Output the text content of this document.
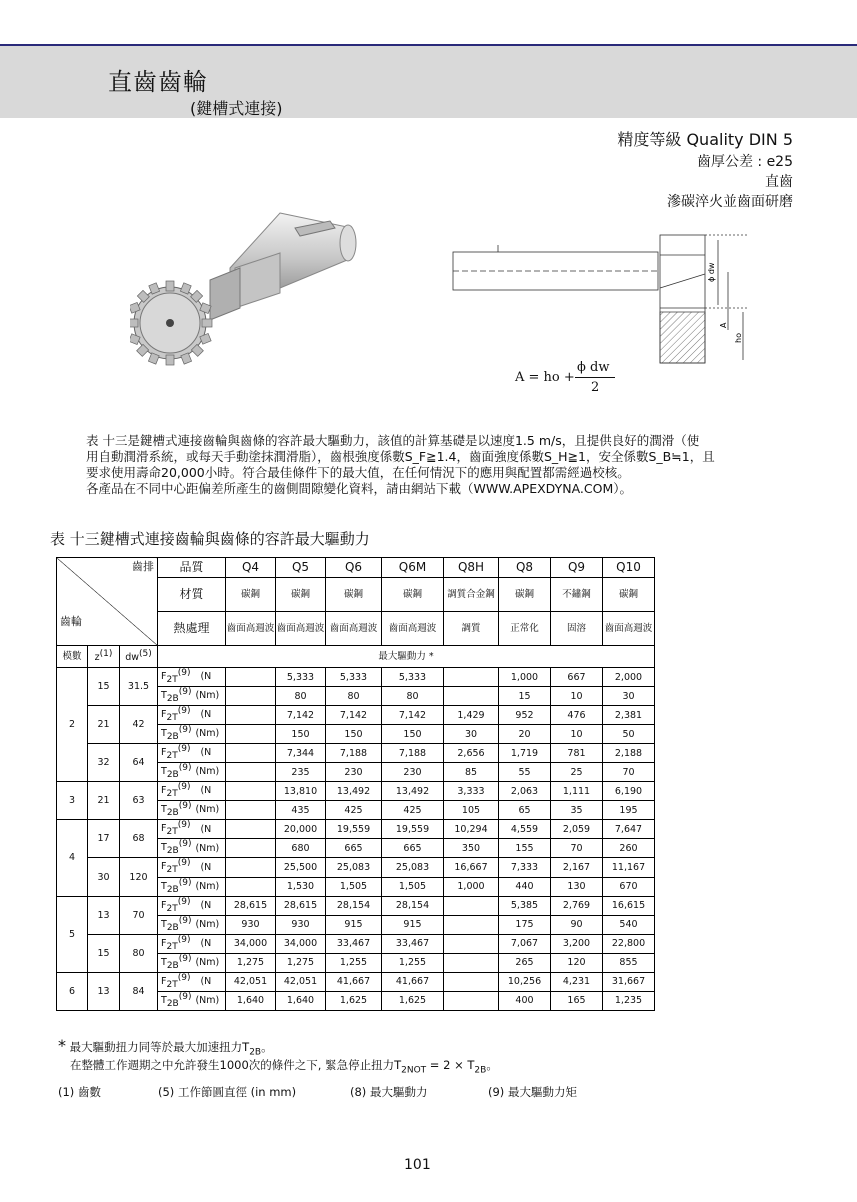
直齒齒輪
(鍵槽式連接)
精度等級 Quality DIN 5
齒厚公差 : e25
直齒
滲碳淬火並齒面研磨
ϕ dw
A
ho
A = ho +
ϕ dw
2
表 十三是鍵槽式連接齒輪與齒條的容許最大驅動力，該值的計算基礎是以速度1.5 m/s，且提供良好的潤滑（使
用自動潤滑系統，或每天手動塗抹潤滑脂），齒根強度係數S_F≧1.4，齒面強度係數S_H≧1，安全係數S_B≒1，且
要求使用壽命20,000小時。符合最佳條件下的最大值，在任何情況下的應用與配置都需經過校核。
各產品在不同中心距偏差所產生的齒側間隙變化資料，請由網站下載（WWW.APEXDYNA.COM）。
表 十三鍵槽式連接齒輪與齒條的容許最大驅動力
齒排
齒輪			品質	Q4	Q5	Q6	Q6M	Q8H	Q8	Q9	Q10
			材質	碳鋼	碳鋼	碳鋼	碳鋼	調質合金鋼	碳鋼	不鏽鋼	碳鋼
			熱處理	齒面高週波	齒面高週波	齒面高週波	齒面高週波	調質	正常化	固溶	齒面高週波
模數	$z^{(1)}$	$dw^{(5)}$	最大驅動力 *								
2	15	31.5	$F_{2T}^{(9)}$ (N		5,333	5,333	5,333		1,000	667	2,000
			$T_{2B}^{(9)}$ (Nm)		80	80	80		15	10	30
	21	42	$F_{2T}^{(9)}$ (N		7,142	7,142	7,142	1,429	952	476	2,381
			$T_{2B}^{(9)}$ (Nm)		150	150	150	30	20	10	50
	32	64	$F_{2T}^{(9)}$ (N		7,344	7,188	7,188	2,656	1,719	781	2,188
			$T_{2B}^{(9)}$ (Nm)		235	230	230	85	55	25	70
3	21	63	$F_{2T}^{(9)}$ (N		13,810	13,492	13,492	3,333	2,063	1,111	6,190
			$T_{2B}^{(9)}$ (Nm)		435	425	425	105	65	35	195
4	17	68	$F_{2T}^{(9)}$ (N		20,000	19,559	19,559	10,294	4,559	2,059	7,647
			$T_{2B}^{(9)}$ (Nm)		680	665	665	350	155	70	260
	30	120	$F_{2T}^{(9)}$ (N		25,500	25,083	25,083	16,667	7,333	2,167	11,167
			$T_{2B}^{(9)}$ (Nm)		1,530	1,505	1,505	1,000	440	130	670
5	13	70	$F_{2T}^{(9)}$ (N	28,615	28,615	28,154	28,154		5,385	2,769	16,615
			$T_{2B}^{(9)}$ (Nm)	930	930	915	915		175	90	540
	15	80	$F_{2T}^{(9)}$ (N	34,000	34,000	33,467	33,467		7,067	3,200	22,800
			$T_{2B}^{(9)}$ (Nm)	1,275	1,275	1,255	1,255		265	120	855
6	13	84	$F_{2T}^{(9)}$ (N	42,051	42,051	41,667	41,667		10,256	4,231	31,667
			$T_{2B}^{(9)}$ (Nm)	1,640	1,640	1,625	1,625		400	165	1,235
* 最大驅動扭力同等於最大加速扭力$T_{2B}$。
在整體工作週期之中允許發生1000次的條件之下, 緊急停止扭力$T_{2NOT} = 2 \times T_{2B}$。
(1) 齒數	(5) 工作節圓直徑 (in mm)	(8) 最大驅動力	(9) 最大驅動力矩
101
